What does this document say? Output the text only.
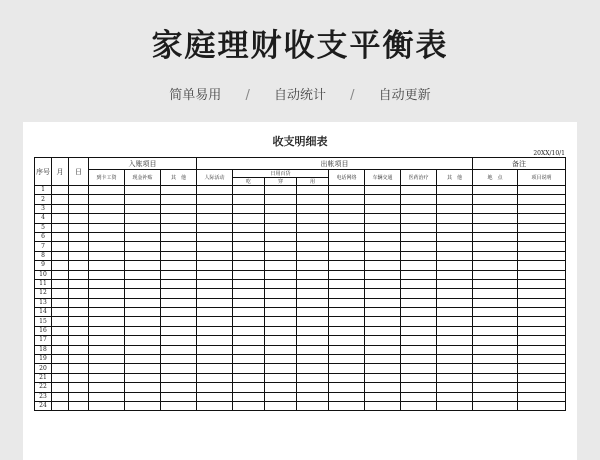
家庭理财收支平衡表
简单易用 / 自动统计 / 自动更新
收支明细表
20XX/10/1
序号	月	日	入账项目			出帐项目								备注	
			到卡工资	现金补贴	其　他	人际活动	日用百货			电话网络	车辆交通	医药治疗	其　他	地　点	项目说明
							吃	穿	用						
1															
2															
3															
4															
5															
6															
7															
8															
9															
10															
11															
12															
13															
14															
15															
16															
17															
18															
19															
20															
21															
22															
23															
24															
